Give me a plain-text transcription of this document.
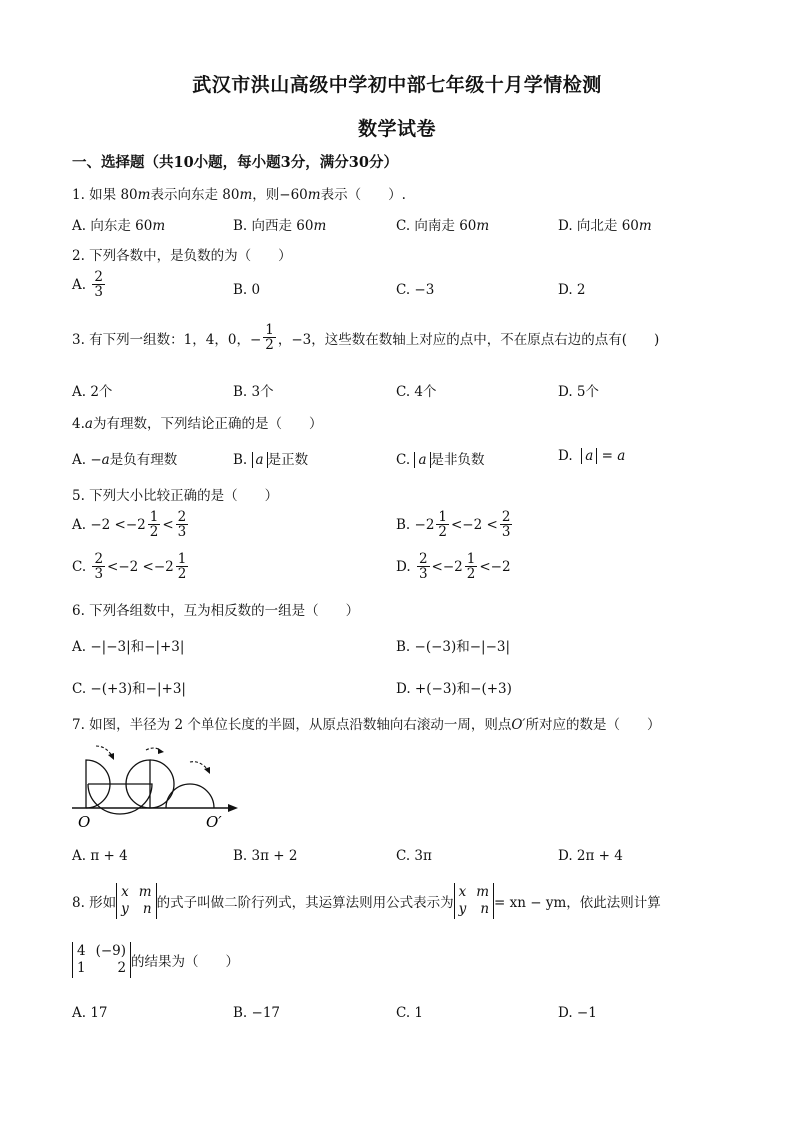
武汉市洪山高级中学初中部七年级十月学情检测
数学试卷
一、选择题（共10小题，每小题3分，满分30分）
1. 如果 80m表示向东走 80m，则−60m表示（　　）.
A. 向东走 60m	B. 向西走 60m	C. 向南走 60m	D. 向北走 60m
2. 下列各数中，是负数的为（　　）
A.
$\frac{2}{3}$	B. 0	C. −3	D. 2
3. 有下列一组数：1，4，0，− $\frac{1}{2}$ ，−3，这些数在数轴上对应的点中，不在原点右边的点有(　　)
A. 2个	B. 3个	C. 4个	D. 5个
4.a为有理数，下列结论正确的是（　　）
A. −a是负有理数	B. a 是正数	C. a 是非负数	D. a = a
5. 下列大小比较正确的是（　　）
A. $-2 <-2 \frac{1}{2} < \frac{2}{3}$	B. $-2 \frac{1}{2} <-2 < \frac{2}{3}$
C.
$\frac{2}{3} <-2 <-2 \frac{1}{2}$	D.
$\frac{2}{3} <-2 \frac{1}{2} <-2$
6. 下列各组数中，互为相反数的一组是（　　）
A. −|−3|和−|+3|	B. −(−3)和−|−3|
C. −(+3)和−|+3|	D. +(−3)和−(+3)
7. 如图，半径为 2 个单位长度的半圆，从原点沿数轴向右滚动一周，则点O′所对应的数是（　　）
O	O′
A. π + 4	B. 3π + 2	C. 3π	D. 2π + 4
8. 形如
x m
y n 的式子叫做二阶行列式，其运算法则用公式表示为
x m
y n = xn − ym，依此法则计算
4 (−9)
1 2 的结果为（　　）
A. 17	B. −17	C. 1	D. −1
